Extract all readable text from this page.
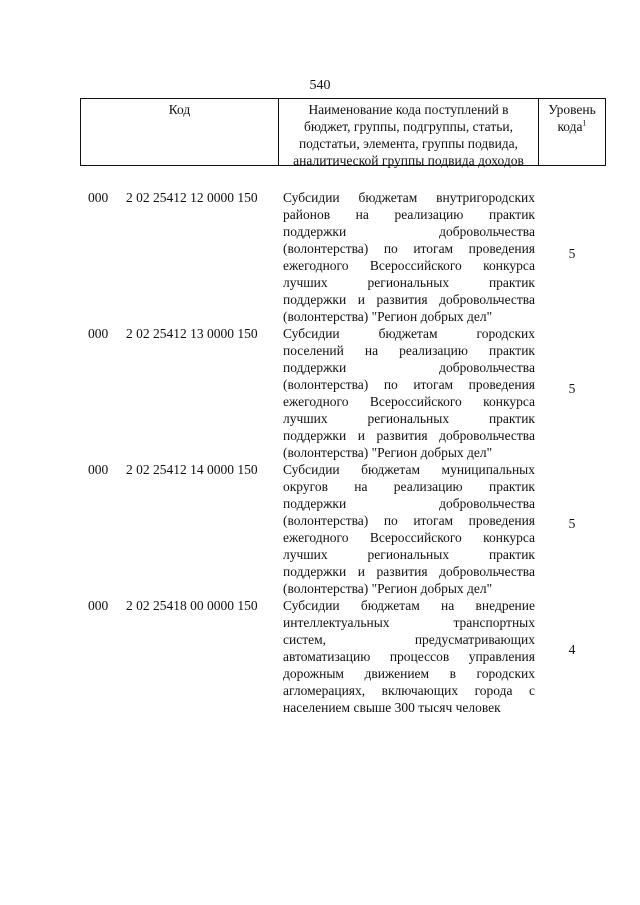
540
Код	Наименование кода поступлений в
бюджет, группы, подгруппы, статьи,
подстатьи, элемента, группы подвида,
аналитической группы подвида доходов
Уровень
кода$^1$
000 2 02 25412 12 0000 150 Субсидии бюджетам внутригородских
районов на реализацию практик
поддержки добровольчества
(волонтерства) по итогам проведения
ежегодного Всероссийского конкурса
лучших региональных практик
поддержки и развития добровольчества
(волонтерства) "Регион добрых дел"
5
000 2 02 25412 13 0000 150 Субсидии бюджетам городских
поселений на реализацию практик
поддержки добровольчества
(волонтерства) по итогам проведения
ежегодного Всероссийского конкурса
лучших региональных практик
поддержки и развития добровольчества
(волонтерства) "Регион добрых дел"
5
000 2 02 25412 14 0000 150 Субсидии бюджетам муниципальных
округов на реализацию практик
поддержки добровольчества
(волонтерства) по итогам проведения
ежегодного Всероссийского конкурса
лучших региональных практик
поддержки и развития добровольчества
(волонтерства) "Регион добрых дел"
5
000 2 02 25418 00 0000 150 Субсидии бюджетам на внедрение
интеллектуальных транспортных
систем, предусматривающих
автоматизацию процессов управления
дорожным движением в городских
агломерациях, включающих города с
населением свыше 300 тысяч человек
4
